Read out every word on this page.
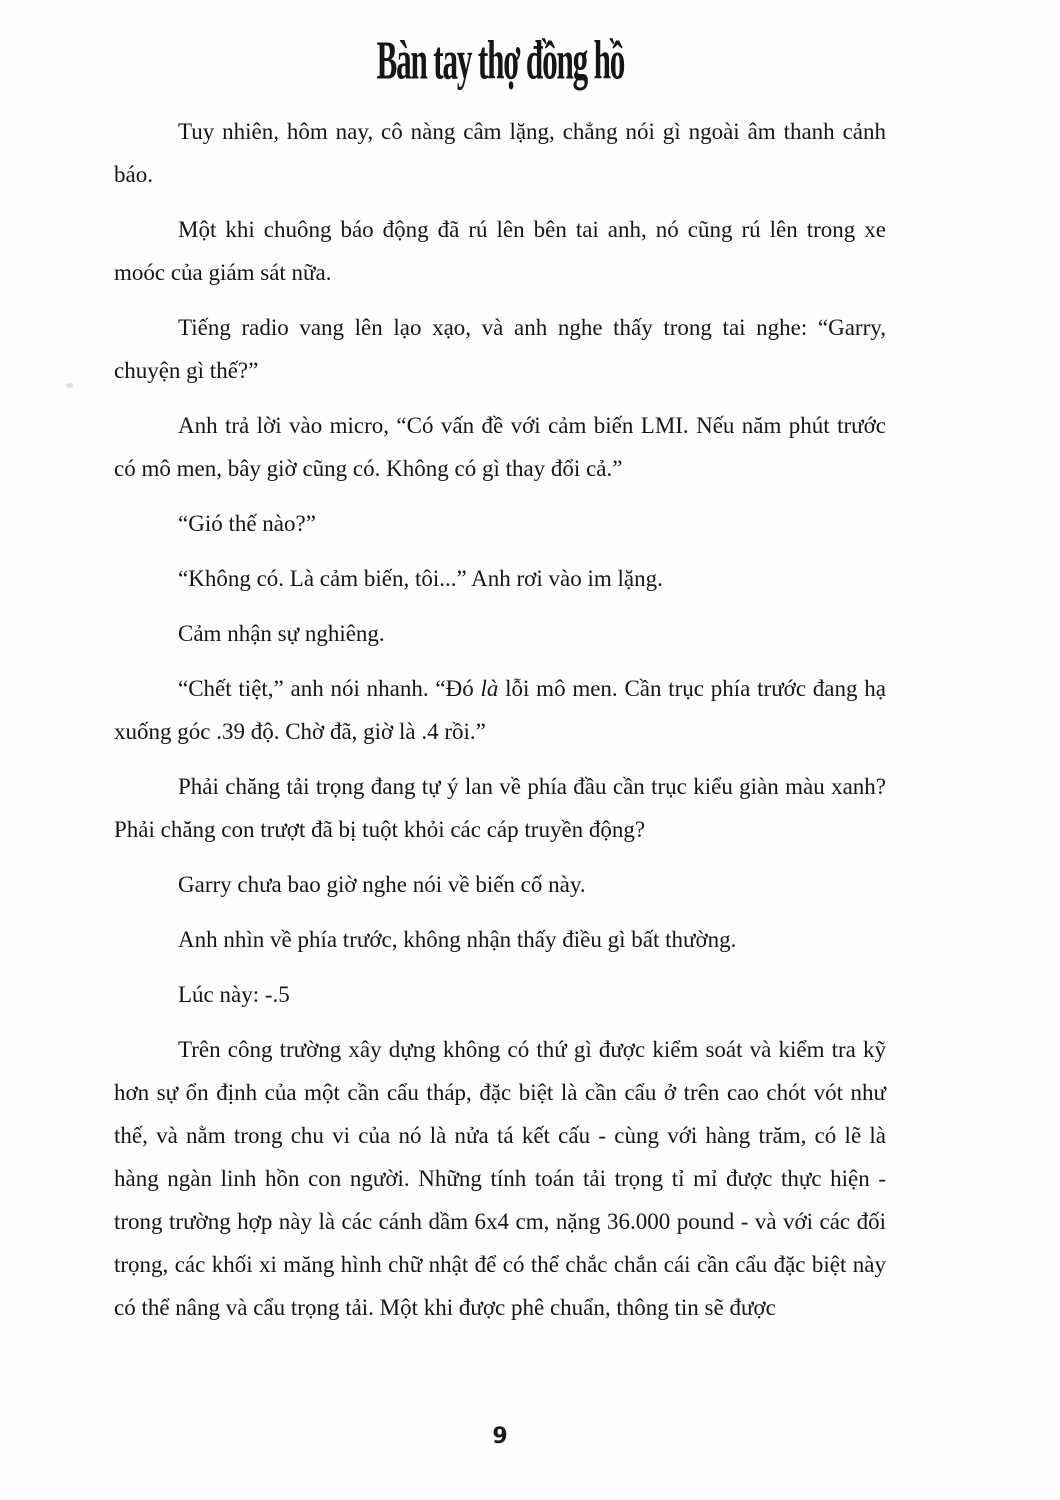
Bàn tay thợ đồng hồ

Tuy nhiên, hôm nay, cô nàng câm lặng, chẳng nói gì ngoài âm thanh cảnh báo.

Một khi chuông báo động đã rú lên bên tai anh, nó cũng rú lên trong xe moóc của giám sát nữa.

Tiếng radio vang lên lạo xạo, và anh nghe thấy trong tai nghe: “Garry, chuyện gì thế?”

Anh trả lời vào micro, “Có vấn đề với cảm biến LMI. Nếu năm phút trước có mô men, bây giờ cũng có. Không có gì thay đổi cả.”

“Gió thế nào?”

“Không có. Là cảm biến, tôi...” Anh rơi vào im lặng.

Cảm nhận sự nghiêng.

“Chết tiệt,” anh nói nhanh. “Đó là lỗi mô men. Cần trục phía trước đang hạ xuống góc .39 độ. Chờ đã, giờ là .4 rồi.”

Phải chăng tải trọng đang tự ý lan về phía đầu cần trục kiểu giàn màu xanh? Phải chăng con trượt đã bị tuột khỏi các cáp truyền động?

Garry chưa bao giờ nghe nói về biến cố này.

Anh nhìn về phía trước, không nhận thấy điều gì bất thường.

Lúc này: -.5

Trên công trường xây dựng không có thứ gì được kiểm soát và kiểm tra kỹ hơn sự ổn định của một cần cẩu tháp, đặc biệt là cần cẩu ở trên cao chót vót như thế, và nằm trong chu vi của nó là nửa tá kết cấu - cùng với hàng trăm, có lẽ là hàng ngàn linh hồn con người. Những tính toán tải trọng tỉ mỉ được thực hiện - trong trường hợp này là các cánh dầm 6x4 cm, nặng 36.000 pound - và với các đối trọng, các khối xi măng hình chữ nhật để có thể chắc chắn cái cần cẩu đặc biệt này có thể nâng và cẩu trọng tải. Một khi được phê chuẩn, thông tin sẽ được

9
